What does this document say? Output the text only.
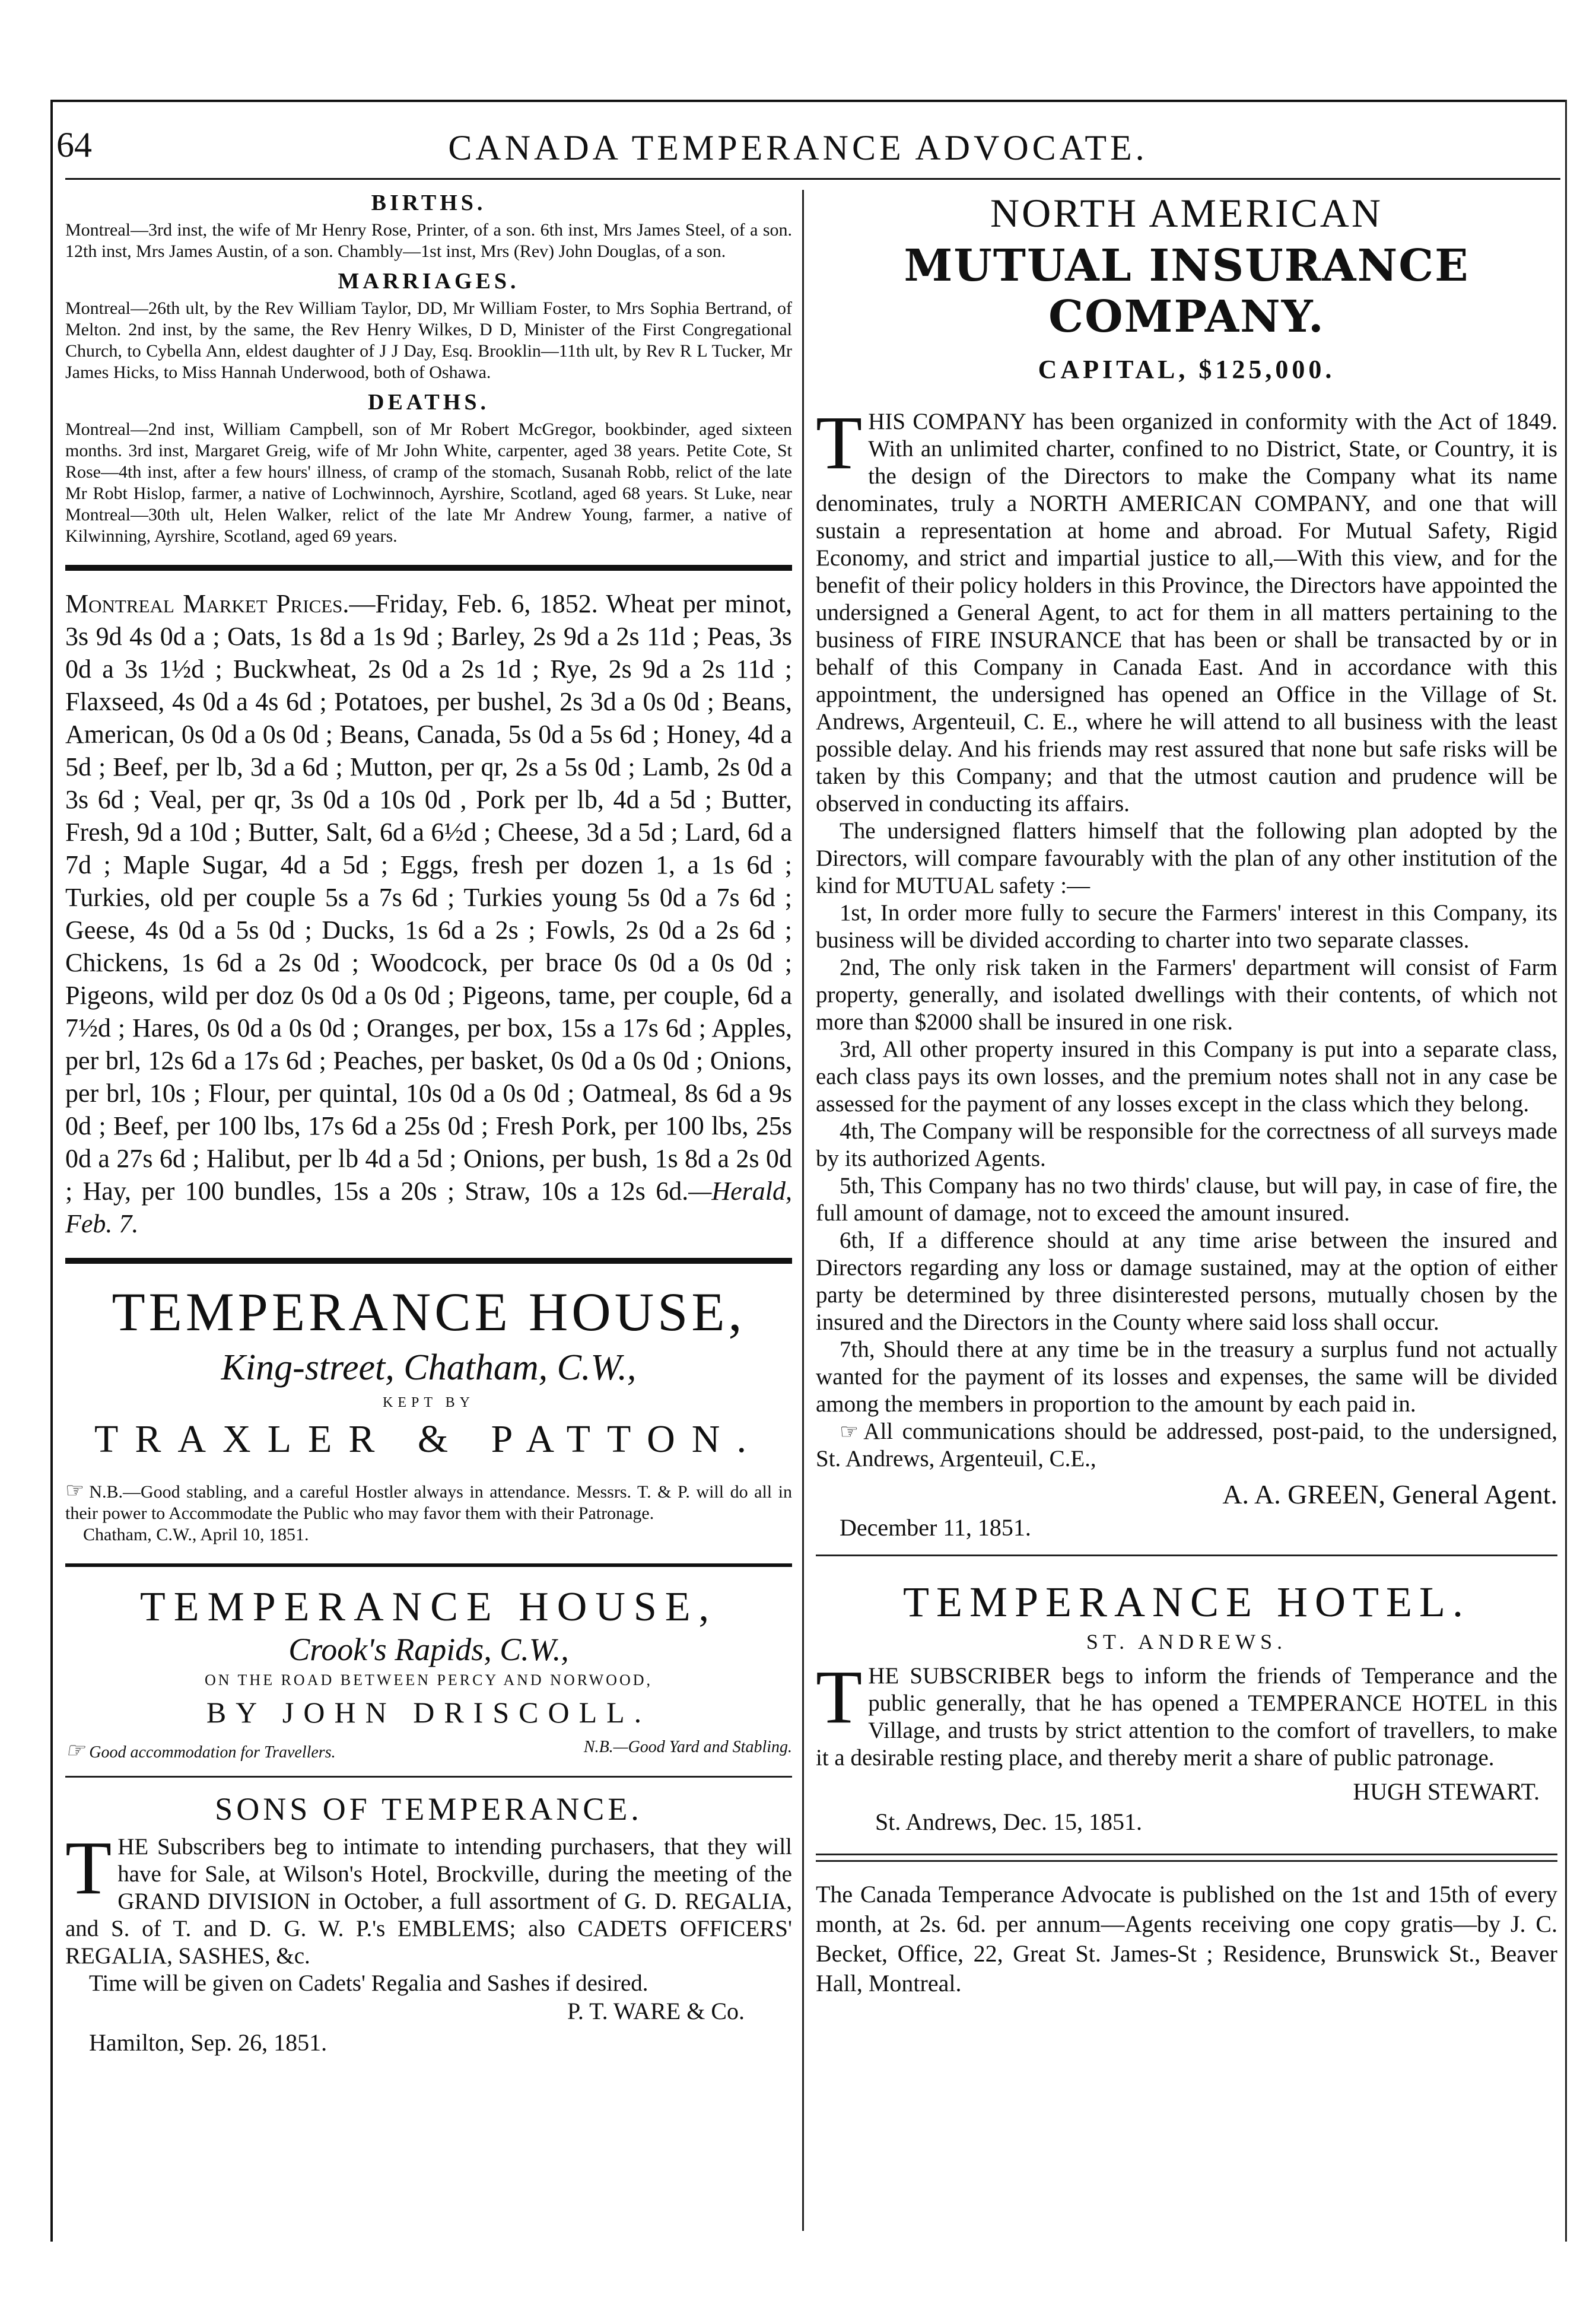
64	CANADA TEMPERANCE ADVOCATE.
BIRTHS.

Montreal—3rd inst, the wife of Mr Henry Rose, Printer, of a son. 6th inst, Mrs James Steel, of a son. 12th inst, Mrs James Austin, of a son. Chambly—1st inst, Mrs (Rev) John Douglas, of a son.

MARRIAGES.

Montreal—26th ult, by the Rev William Taylor, DD, Mr William Foster, to Mrs Sophia Bertrand, of Melton. 2nd inst, by the same, the Rev Henry Wilkes, D D, Minister of the First Congregational Church, to Cybella Ann, eldest daughter of J J Day, Esq. Brooklin—11th ult, by Rev R L Tucker, Mr James Hicks, to Miss Hannah Underwood, both of Oshawa.

DEATHS.

Montreal—2nd inst, William Campbell, son of Mr Robert McGregor, bookbinder, aged sixteen months. 3rd inst, Margaret Greig, wife of Mr John White, carpenter, aged 38 years. Petite Cote, St Rose—4th inst, after a few hours' illness, of cramp of the stomach, Susanah Robb, relict of the late Mr Robt Hislop, farmer, a native of Lochwinnoch, Ayrshire, Scotland, aged 68 years. St Luke, near Montreal—30th ult, Helen Walker, relict of the late Mr Andrew Young, farmer, a native of Kilwinning, Ayrshire, Scotland, aged 69 years.

Montreal Market Prices.—Friday, Feb. 6, 1852. Wheat per minot, 3s 9d 4s 0d a ; Oats, 1s 8d a 1s 9d ; Barley, 2s 9d a 2s 11d ; Peas, 3s 0d a 3s 1½d ; Buckwheat, 2s 0d a 2s 1d ; Rye, 2s 9d a 2s 11d ; Flaxseed, 4s 0d a 4s 6d ; Potatoes, per bushel, 2s 3d a 0s 0d ; Beans, American, 0s 0d a 0s 0d ; Beans, Canada, 5s 0d a 5s 6d ; Honey, 4d a 5d ; Beef, per lb, 3d a 6d ; Mutton, per qr, 2s a 5s 0d ; Lamb, 2s 0d a 3s 6d ; Veal, per qr, 3s 0d a 10s 0d , Pork per lb, 4d a 5d ; Butter, Fresh, 9d a 10d ; Butter, Salt, 6d a 6½d ; Cheese, 3d a 5d ; Lard, 6d a 7d ; Maple Sugar, 4d a 5d ; Eggs, fresh per dozen 1, a 1s 6d ; Turkies, old per couple 5s a 7s 6d ; Turkies young 5s 0d a 7s 6d ; Geese, 4s 0d a 5s 0d ; Ducks, 1s 6d a 2s ; Fowls, 2s 0d a 2s 6d ; Chickens, 1s 6d a 2s 0d ; Woodcock, per brace 0s 0d a 0s 0d ; Pigeons, wild per doz 0s 0d a 0s 0d ; Pigeons, tame, per couple, 6d a 7½d ; Hares, 0s 0d a 0s 0d ; Oranges, per box, 15s a 17s 6d ; Apples, per brl, 12s 6d a 17s 6d ; Peaches, per basket, 0s 0d a 0s 0d ; Onions, per brl, 10s ; Flour, per quintal, 10s 0d a 0s 0d ; Oatmeal, 8s 6d a 9s 0d ; Beef, per 100 lbs, 17s 6d a 25s 0d ; Fresh Pork, per 100 lbs, 25s 0d a 27s 6d ; Halibut, per lb 4d a 5d ; Onions, per bush, 1s 8d a 2s 0d ; Hay, per 100 bundles, 15s a 20s ; Straw, 10s a 12s 6d.—Herald, Feb. 7.

TEMPERANCE HOUSE,

King-street, Chatham, C.W.,

KEPT BY
TRAXLER & PATTON.

☞ N.B.—Good stabling, and a careful Hostler always in attendance. Messrs. T. & P. will do all in their power to Accommodate the Public who may favor them with their Patronage.

Chatham, C.W., April 10, 1851.

TEMPERANCE HOUSE,

Crook's Rapids, C.W.,

ON THE ROAD BETWEEN PERCY AND NORWOOD,
BY JOHN DRISCOLL.
☞ Good accommodation for Travellers.	N.B.—Good Yard and Stabling.
SONS OF TEMPERANCE.

THE Subscribers beg to intimate to intending purchasers, that they will have for Sale, at Wilson's Hotel, Brockville, during the meeting of the GRAND DIVISION in October, a full assortment of G. D. REGALIA, and S. of T. and D. G. W. P.'s EMBLEMS; also CADETS OFFICERS' REGALIA, SASHES, &c.

Time will be given on Cadets' Regalia and Sashes if desired.

P. T. WARE & Co.
Hamilton, Sep. 26, 1851.
NORTH AMERICAN
MUTUAL INSURANCE COMPANY.
CAPITAL, $125,000.

THIS COMPANY has been organized in conformity with the Act of 1849. With an unlimited charter, confined to no District, State, or Country, it is the design of the Directors to make the Company what its name denominates, truly a NORTH AMERICAN COMPANY, and one that will sustain a representation at home and abroad. For Mutual Safety, Rigid Economy, and strict and impartial justice to all,—With this view, and for the benefit of their policy holders in this Province, the Directors have appointed the undersigned a General Agent, to act for them in all matters pertaining to the business of FIRE INSURANCE that has been or shall be transacted by or in behalf of this Company in Canada East. And in accordance with this appointment, the undersigned has opened an Office in the Village of St. Andrews, Argenteuil, C. E., where he will attend to all business with the least possible delay. And his friends may rest assured that none but safe risks will be taken by this Company; and that the utmost caution and prudence will be observed in conducting its affairs.

The undersigned flatters himself that the following plan adopted by the Directors, will compare favourably with the plan of any other institution of the kind for MUTUAL safety :—

1st, In order more fully to secure the Farmers' interest in this Company, its business will be divided according to charter into two separate classes.

2nd, The only risk taken in the Farmers' department will consist of Farm property, generally, and isolated dwellings with their contents, of which not more than $2000 shall be insured in one risk.

3rd, All other property insured in this Company is put into a separate class, each class pays its own losses, and the premium notes shall not in any case be assessed for the payment of any losses except in the class which they belong.

4th, The Company will be responsible for the correctness of all surveys made by its authorized Agents.

5th, This Company has no two thirds' clause, but will pay, in case of fire, the full amount of damage, not to exceed the amount insured.

6th, If a difference should at any time arise between the insured and Directors regarding any loss or damage sustained, may at the option of either party be determined by three disinterested persons, mutually chosen by the insured and the Directors in the County where said loss shall occur.

7th, Should there at any time be in the treasury a surplus fund not actually wanted for the payment of its losses and expenses, the same will be divided among the members in proportion to the amount by each paid in.

☞ All communications should be addressed, post-paid, to the undersigned, St. Andrews, Argenteuil, C.E.,

A. A. GREEN, General Agent.
December 11, 1851.
TEMPERANCE HOTEL.
ST. ANDREWS.

THE SUBSCRIBER begs to inform the friends of Temperance and the public generally, that he has opened a TEMPERANCE HOTEL in this Village, and trusts by strict attention to the comfort of travellers, to make it a desirable resting place, and thereby merit a share of public patronage.

HUGH STEWART.
St. Andrews, Dec. 15, 1851.

The Canada Temperance Advocate is published on the 1st and 15th of every month, at 2s. 6d. per annum—Agents receiving one copy gratis—by J. C. Becket, Office, 22, Great St. James-St ; Residence, Brunswick St., Beaver Hall, Montreal.
